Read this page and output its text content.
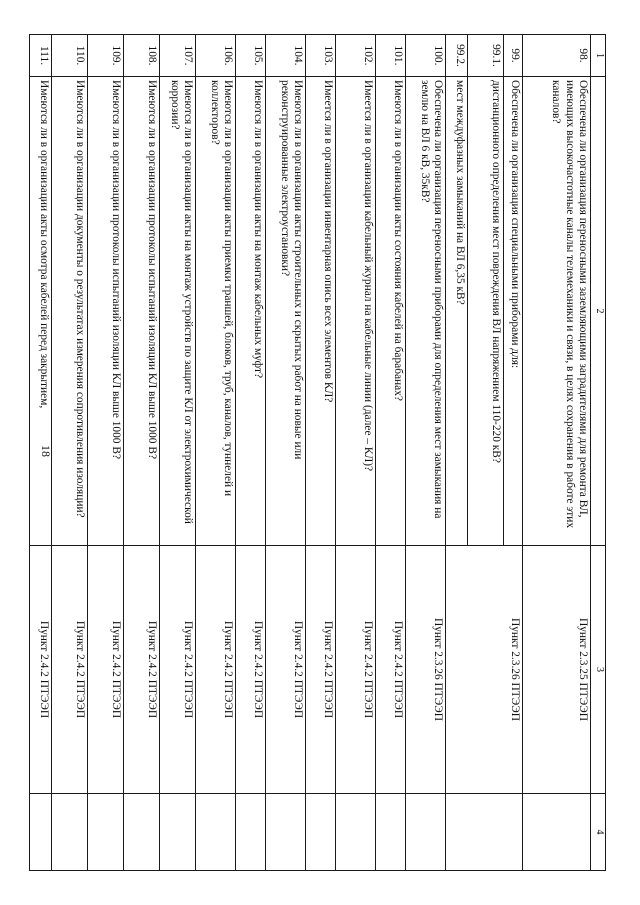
18
1	2	3	4
98.	Обеспечена ли организация переносными заземляющими заградителями для ремонта ВЛ, имеющих высокочастотные каналы телемеханики и связи, в целях сохранения в работе этих каналов?	Пункт 2.3.25 ПТЭЭП	
99.	Обеспечена ли организация специальными приборами для:	Пункт 2.3.26 ПТЭЭП	
99.1.	дистанционного определения мест повреждения ВЛ напряжением 110-220 кВ?		
99.2.	мест междуфазных замыканий на ВЛ 6,35 кВ?		
100.	Обеспечена ли организация переносными приборами для определения мест замыкания на землю на ВЛ 6 кВ, 35кВ?	Пункт 2.3.26 ПТЭЭП	
101.	Имеются ли в организации акты состояния кабелей на барабанах?	Пункт 2.4.2 ПТЭЭП	
102.	Имеется ли в организации кабельный журнал на кабельные линии (далее – КЛ)?	Пункт 2.4.2 ПТЭЭП	
103.	Имеется ли в организации инвентарная опись всех элементов КЛ?	Пункт 2.4.2 ПТЭЭП	
104.	Имеются ли в организации акты строительных и скрытых работ на новые или реконструированные электроустановки?	Пункт 2.4.2 ПТЭЭП	
105.	Имеются ли в организации акты на монтаж кабельных муфт?	Пункт 2.4.2 ПТЭЭП	
106.	Имеются ли в организации акты приемки траншей, блоков, труб, каналов, туннелей и коллекторов?	Пункт 2.4.2 ПТЭЭП	
107.	Имеются ли в организации акты на монтаж устройств по защите КЛ от электрохимической коррозии?	Пункт 2.4.2 ПТЭЭП	
108.	Имеются ли в организации протоколы испытаний изоляции КЛ выше 1000 В?	Пункт 2.4.2 ПТЭЭП	
109.	Имеются ли в организации протоколы испытаний изоляции КЛ выше 1000 В?	Пункт 2.4.2 ПТЭЭП	
110.	Имеются ли в организации документы о результатах измерения сопротивления изоляции?	Пункт 2.4.2 ПТЭЭП	
111.	Имеются ли в организации акты осмотра кабелей перед закрытием,	Пункт 2.4.2 ПТЭЭП	
